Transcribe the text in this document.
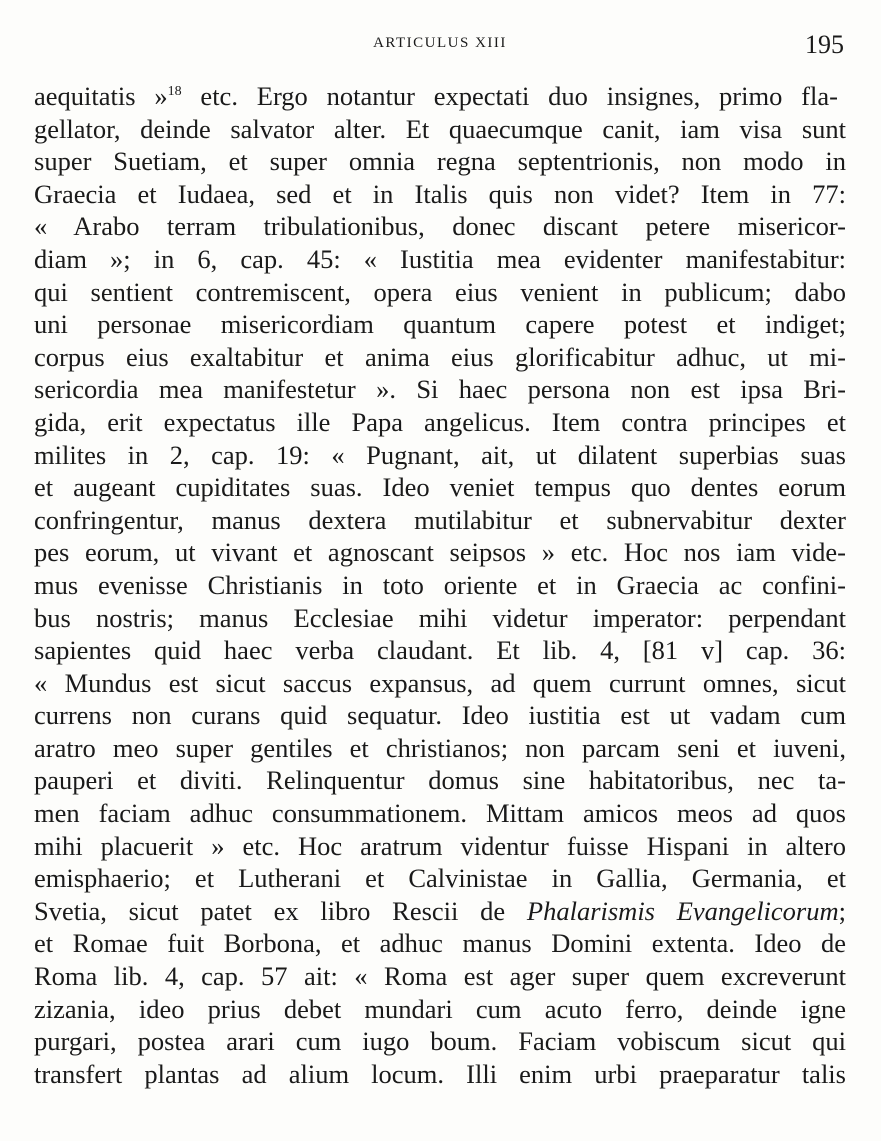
ARTICULUS XIII	195
aequitatis »$^{18}$ etc. Ergo notantur expectati duo insignes, primo fla-
gellator, deinde salvator alter. Et quaecumque canit, iam visa sunt
super Suetiam, et super omnia regna septentrionis, non modo in
Graecia et Iudaea, sed et in Italis quis non videt? Item in 77:
« Arabo terram tribulationibus, donec discant petere misericor-
diam »; in 6, cap. 45: « Iustitia mea evidenter manifestabitur:
qui sentient contremiscent, opera eius venient in publicum; dabo
uni personae misericordiam quantum capere potest et indiget;
corpus eius exaltabitur et anima eius glorificabitur adhuc, ut mi-
sericordia mea manifestetur ». Si haec persona non est ipsa Bri-
gida, erit expectatus ille Papa angelicus. Item contra principes et
milites in 2, cap. 19: « Pugnant, ait, ut dilatent superbias suas
et augeant cupiditates suas. Ideo veniet tempus quo dentes eorum
confringentur, manus dextera mutilabitur et subnervabitur dexter
pes eorum, ut vivant et agnoscant seipsos » etc. Hoc nos iam vide-
mus evenisse Christianis in toto oriente et in Graecia ac confini-
bus nostris; manus Ecclesiae mihi videtur imperator: perpendant
sapientes quid haec verba claudant. Et lib. 4, [81 v] cap. 36:
« Mundus est sicut saccus expansus, ad quem currunt omnes, sicut
currens non curans quid sequatur. Ideo iustitia est ut vadam cum
aratro meo super gentiles et christianos; non parcam seni et iuveni,
pauperi et diviti. Relinquentur domus sine habitatoribus, nec ta-
men faciam adhuc consummationem. Mittam amicos meos ad quos
mihi placuerit » etc. Hoc aratrum videntur fuisse Hispani in altero
emisphaerio; et Lutherani et Calvinistae in Gallia, Germania, et
Svetia, sicut patet ex libro Rescii de Phalarismis Evangelicorum;
et Romae fuit Borbona, et adhuc manus Domini extenta. Ideo de
Roma lib. 4, cap. 57 ait: « Roma est ager super quem excreverunt
zizania, ideo prius debet mundari cum acuto ferro, deinde igne
purgari, postea arari cum iugo boum. Faciam vobiscum sicut qui
transfert plantas ad alium locum. Illi enim urbi praeparatur talis
